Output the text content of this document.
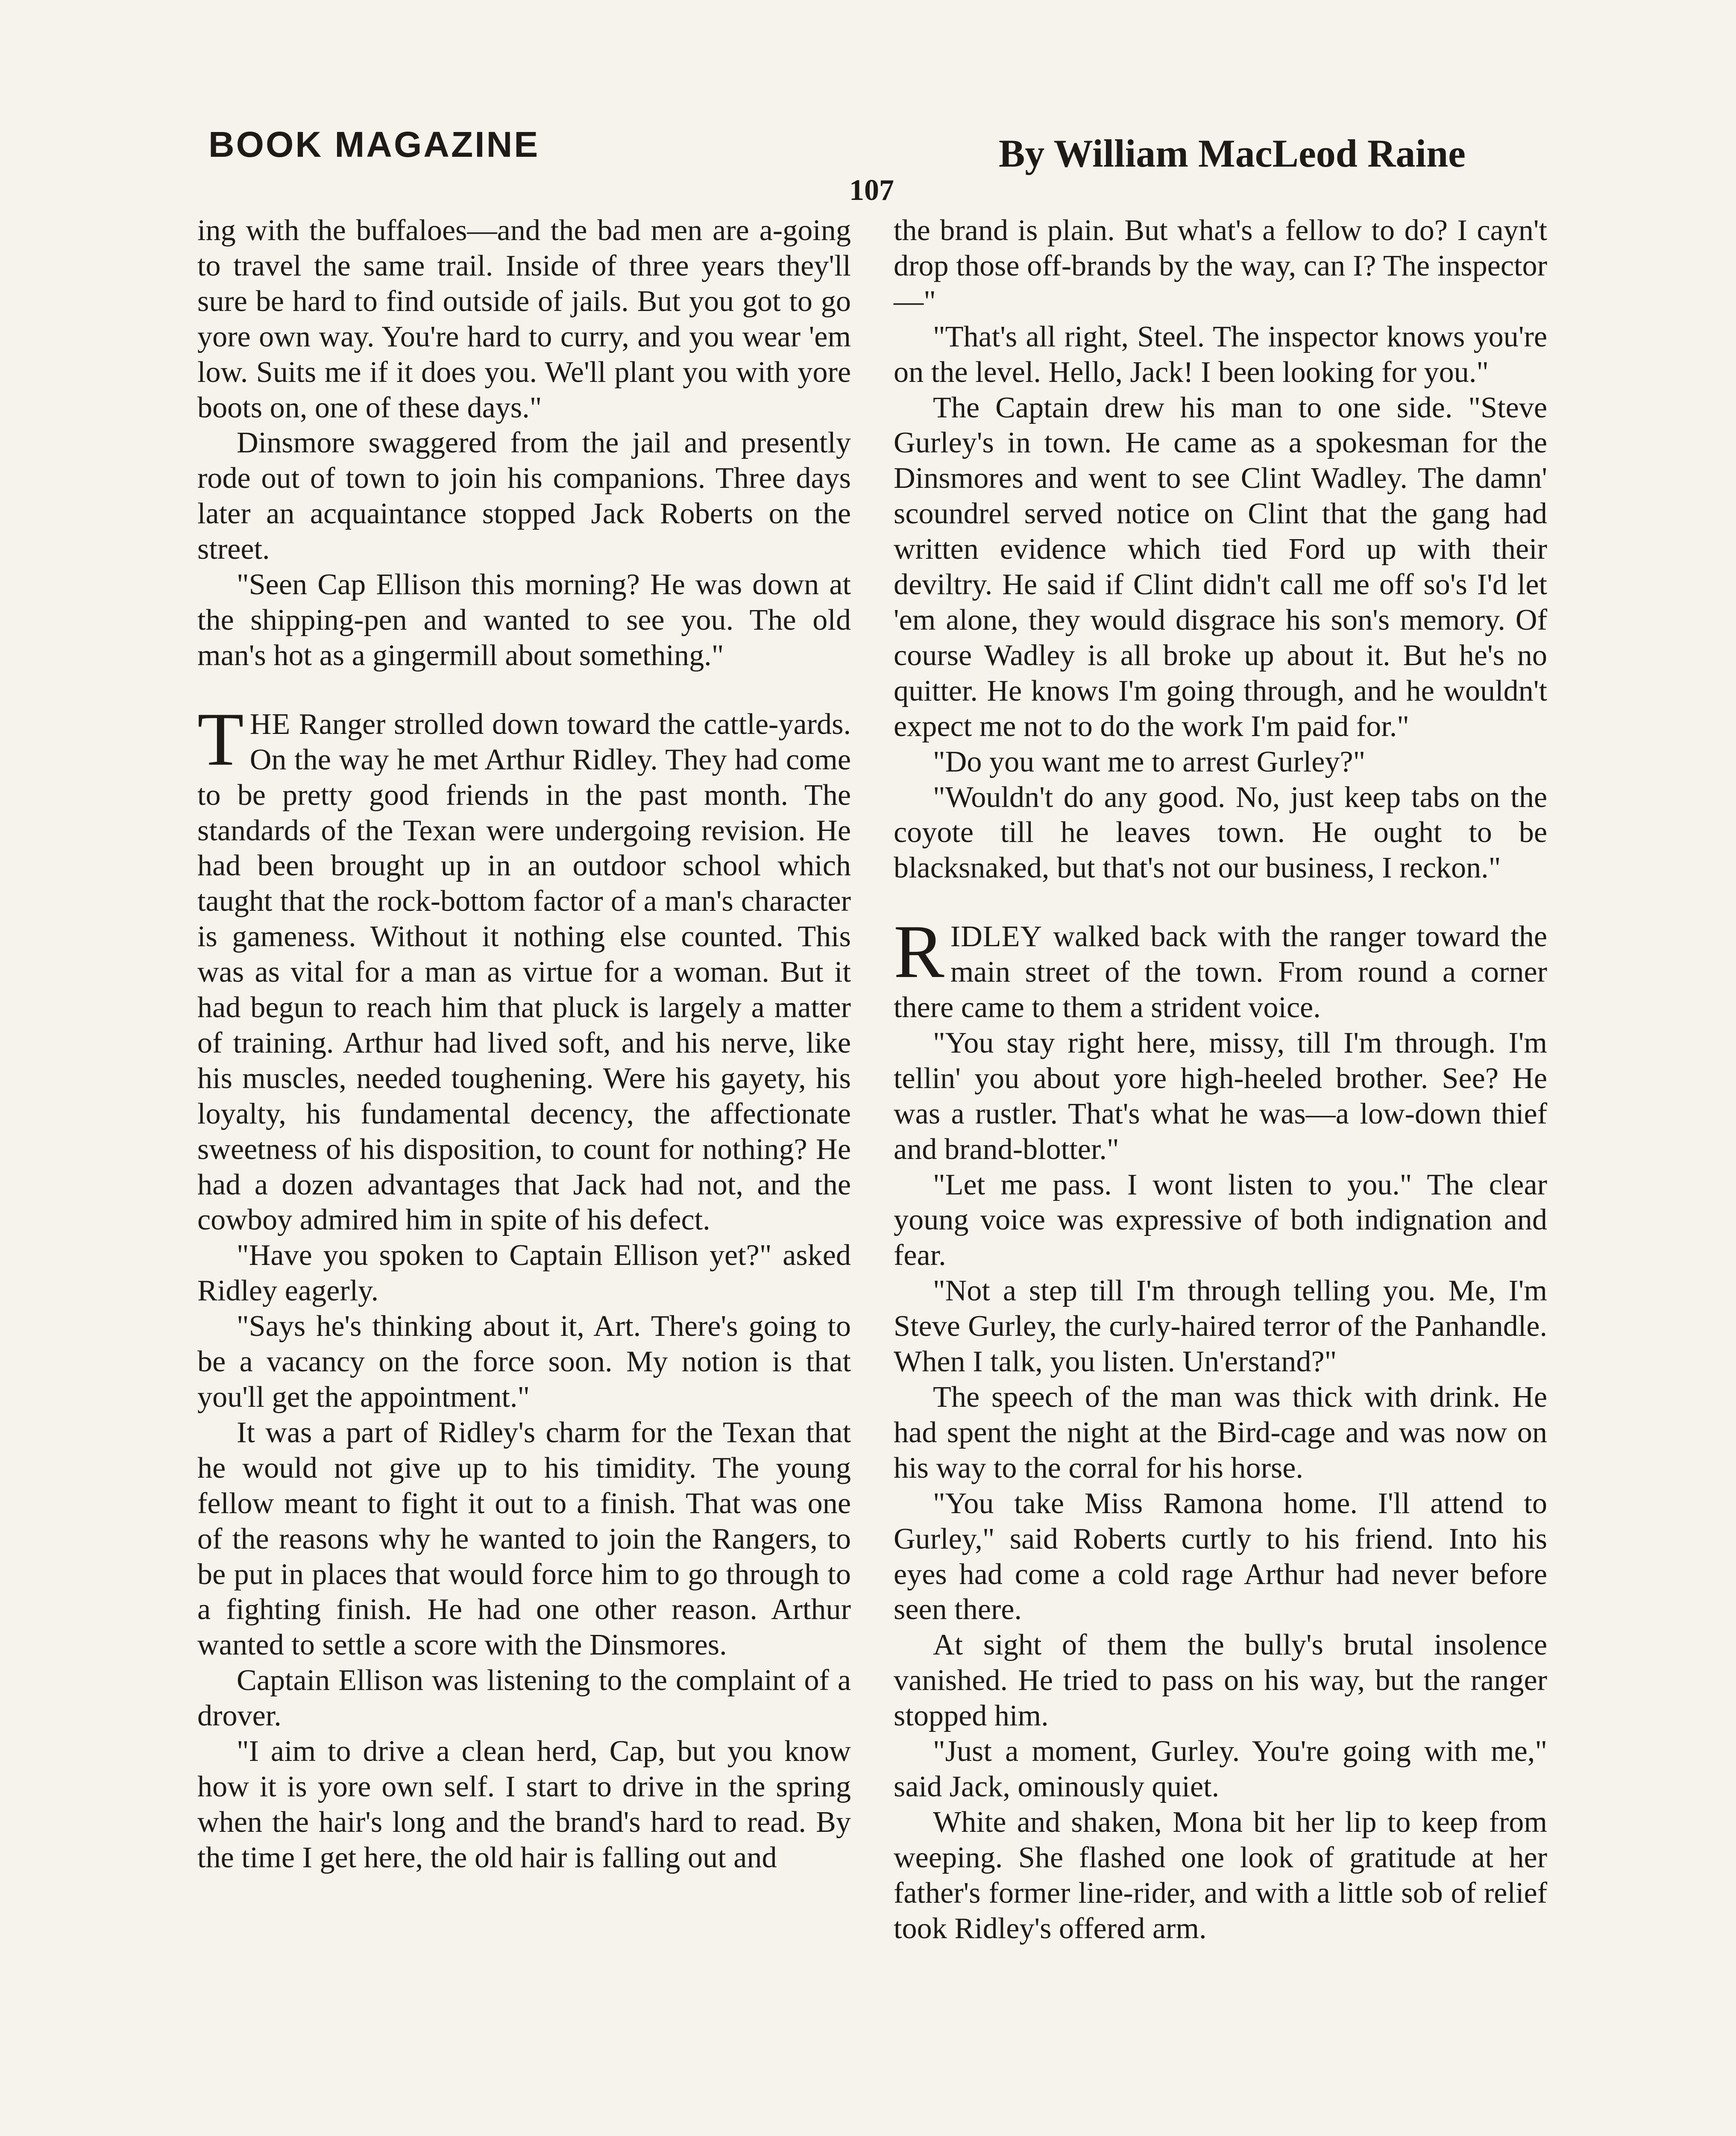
BOOK MAGAZINE	By William MacLeod Raine
107

ing with the buffaloes—and the bad men are a-going to travel the same trail. Inside of three years they'll sure be hard to find outside of jails. But you got to go yore own way. You're hard to curry, and you wear 'em low. Suits me if it does you. We'll plant you with yore boots on, one of these days."

Dinsmore swaggered from the jail and presently rode out of town to join his companions. Three days later an acquaintance stopped Jack Roberts on the street.

"Seen Cap Ellison this morning? He was down at the shipping-pen and wanted to see you. The old man's hot as a gingermill about something."

THE Ranger strolled down toward the cattle-yards. On the way he met Arthur Ridley. They had come to be pretty good friends in the past month. The standards of the Texan were undergoing revision. He had been brought up in an outdoor school which taught that the rock-bottom factor of a man's character is gameness. Without it nothing else counted. This was as vital for a man as virtue for a woman. But it had begun to reach him that pluck is largely a matter of training. Arthur had lived soft, and his nerve, like his muscles, needed toughening. Were his gayety, his loyalty, his fundamental decency, the affectionate sweetness of his disposition, to count for nothing? He had a dozen advantages that Jack had not, and the cowboy admired him in spite of his defect.

"Have you spoken to Captain Ellison yet?" asked Ridley eagerly.

"Says he's thinking about it, Art. There's going to be a vacancy on the force soon. My notion is that you'll get the appointment."

It was a part of Ridley's charm for the Texan that he would not give up to his timidity. The young fellow meant to fight it out to a finish. That was one of the reasons why he wanted to join the Rangers, to be put in places that would force him to go through to a fighting finish. He had one other reason. Arthur wanted to settle a score with the Dinsmores.

Captain Ellison was listening to the complaint of a drover.

"I aim to drive a clean herd, Cap, but you know how it is yore own self. I start to drive in the spring when the hair's long and the brand's hard to read. By the time I get here, the old hair is falling out and

the brand is plain. But what's a fellow to do? I cayn't drop those off-brands by the way, can I? The inspector—"

"That's all right, Steel. The inspector knows you're on the level. Hello, Jack! I been looking for you."

The Captain drew his man to one side. "Steve Gurley's in town. He came as a spokesman for the Dinsmores and went to see Clint Wadley. The damn' scoundrel served notice on Clint that the gang had written evidence which tied Ford up with their deviltry. He said if Clint didn't call me off so's I'd let 'em alone, they would disgrace his son's memory. Of course Wadley is all broke up about it. But he's no quitter. He knows I'm going through, and he wouldn't expect me not to do the work I'm paid for."

"Do you want me to arrest Gurley?"

"Wouldn't do any good. No, just keep tabs on the coyote till he leaves town. He ought to be blacksnaked, but that's not our business, I reckon."

RIDLEY walked back with the ranger toward the main street of the town. From round a corner there came to them a strident voice.

"You stay right here, missy, till I'm through. I'm tellin' you about yore high-heeled brother. See? He was a rustler. That's what he was—a low-down thief and brand-blotter."

"Let me pass. I wont listen to you." The clear young voice was expressive of both indignation and fear.

"Not a step till I'm through telling you. Me, I'm Steve Gurley, the curly-haired terror of the Panhandle. When I talk, you listen. Un'erstand?"

The speech of the man was thick with drink. He had spent the night at the Bird-cage and was now on his way to the corral for his horse.

"You take Miss Ramona home. I'll attend to Gurley," said Roberts curtly to his friend. Into his eyes had come a cold rage Arthur had never before seen there.

At sight of them the bully's brutal insolence vanished. He tried to pass on his way, but the ranger stopped him.

"Just a moment, Gurley. You're going with me," said Jack, ominously quiet.

White and shaken, Mona bit her lip to keep from weeping. She flashed one look of gratitude at her father's former line-rider, and with a little sob of relief took Ridley's offered arm.
